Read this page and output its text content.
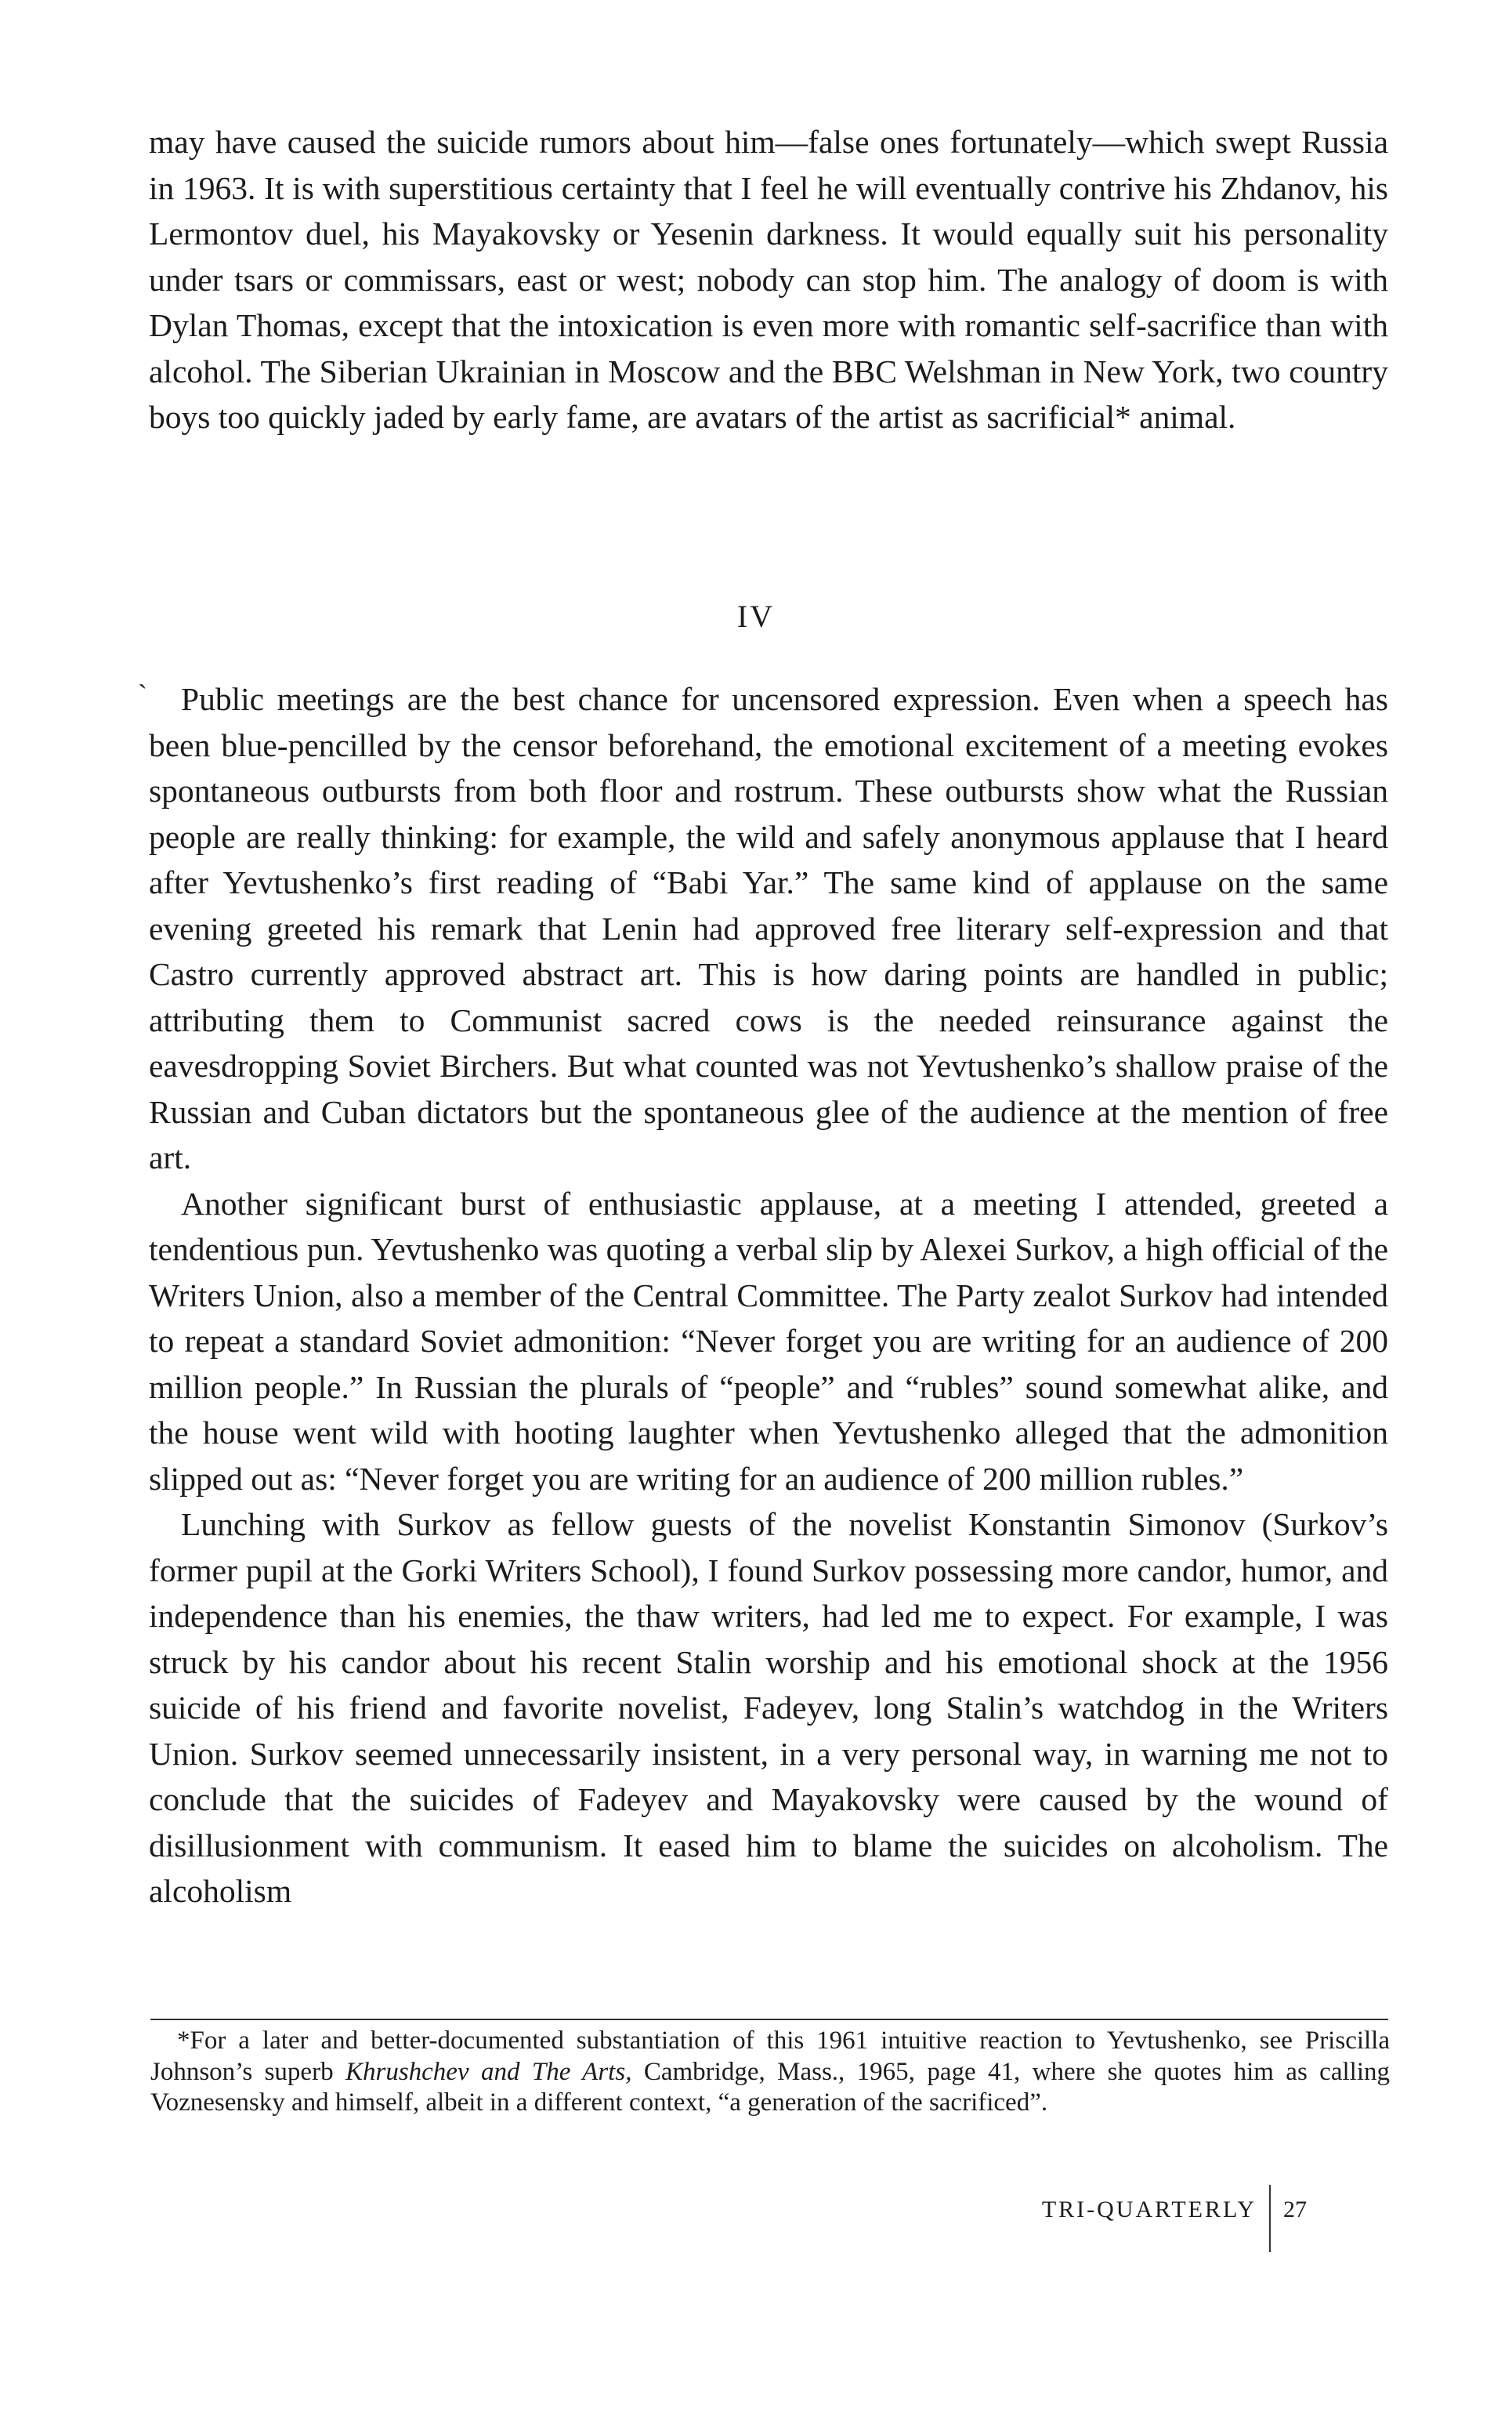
may have caused the suicide rumors about him—false ones fortunately—which swept Russia in 1963. It is with superstitious certainty that I feel he will eventually contrive his Zhdanov, his Lermontov duel, his Mayakovsky or Yesenin darkness. It would equally suit his personality under tsars or commissars, east or west; nobody can stop him. The analogy of doom is with Dylan Thomas, except that the intoxication is even more with romantic self-sacrifice than with alcohol. The Siberian Ukrainian in Moscow and the BBC Welshman in New York, two country boys too quickly jaded by early fame, are avatars of the artist as sacrificial* animal.

IV
`	Public meetings are the best chance for uncensored expression. Even when a speech has been blue-pencilled by the censor beforehand, the emotional excitement of a meeting evokes spontaneous outbursts from both floor and rostrum. These outbursts show what the Russian people are really thinking: for example, the wild and safely anonymous applause that I heard after Yevtushenko’s first reading of “Babi Yar.” The same kind of applause on the same evening greeted his remark that Lenin had approved free literary self-expression and that Castro currently approved abstract art. This is how daring points are handled in public; attributing them to Communist sacred cows is the needed reinsurance against the eavesdropping Soviet Birchers. But what counted was not Yevtushenko’s shallow praise of the Russian and Cuban dictators but the spontaneous glee of the audience at the mention of free art.

Another significant burst of enthusiastic applause, at a meeting I attended, greeted a tendentious pun. Yevtushenko was quoting a verbal slip by Alexei Surkov, a high official of the Writers Union, also a member of the Central Committee. The Party zealot Surkov had intended to repeat a standard Soviet admonition: “Never forget you are writing for an audience of 200 million people.” In Russian the plurals of “people” and “rubles” sound somewhat alike, and the house went wild with hooting laughter when Yevtushenko alleged that the admonition slipped out as: “Never forget you are writing for an audience of 200 million rubles.”

Lunching with Surkov as fellow guests of the novelist Konstantin Simonov (Surkov’s former pupil at the Gorki Writers School), I found Surkov possessing more candor, humor, and independence than his enemies, the thaw writers, had led me to expect. For example, I was struck by his candor about his recent Stalin worship and his emotional shock at the 1956 suicide of his friend and favorite novelist, Fadeyev, long Stalin’s watchdog in the Writers Union. Surkov seemed unnecessarily insistent, in a very personal way, in warning me not to conclude that the suicides of Fadeyev and Mayakovsky were caused by the wound of disillusionment with communism. It eased him to blame the suicides on alcoholism. The alcoholism

*For a later and better-documented substantiation of this 1961 intuitive reaction to Yevtushenko, see Priscilla Johnson’s superb Khrushchev and The Arts, Cambridge, Mass., 1965, page 41, where she quotes him as calling Voznesensky and himself, albeit in a different context, “a generation of the sacrificed”.

TRI-QUARTERLY	27
